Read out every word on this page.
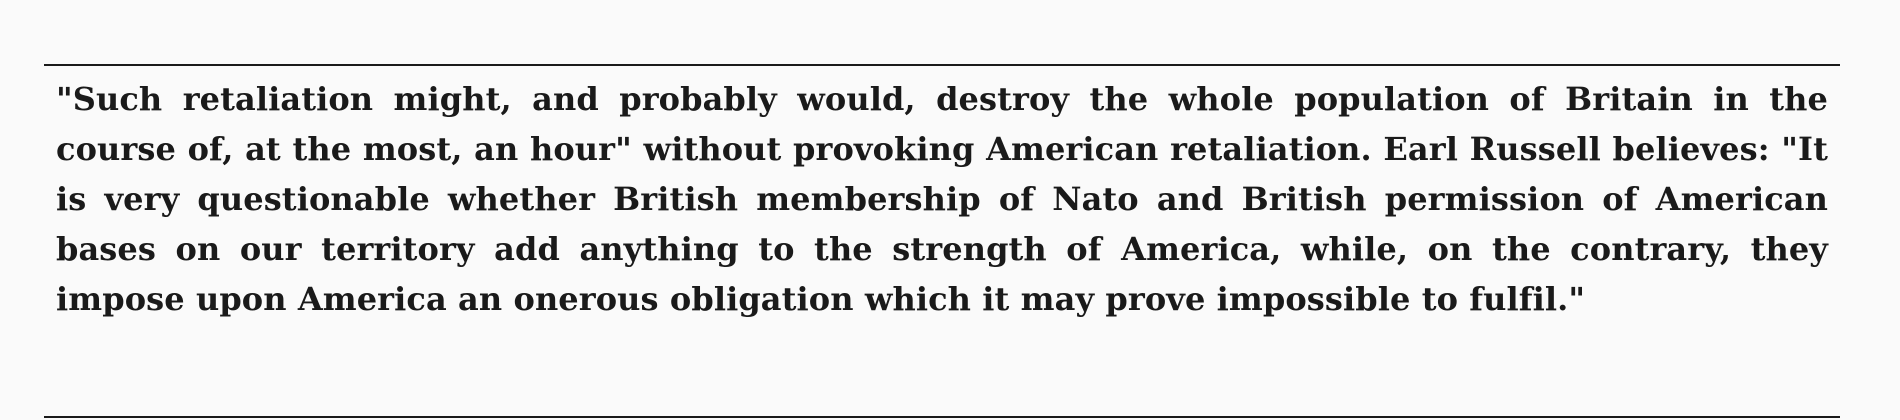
"Such retaliation might, and probably would, destroy the whole population of Britain in the course of, at the most, an hour" without provoking American retaliation. Earl Russell believes: "It is very questionable whether British membership of Nato and British permission of American bases on our territory add anything to the strength of America, while, on the contrary, they impose upon America an onerous obligation which it may prove impossible to fulfil."
